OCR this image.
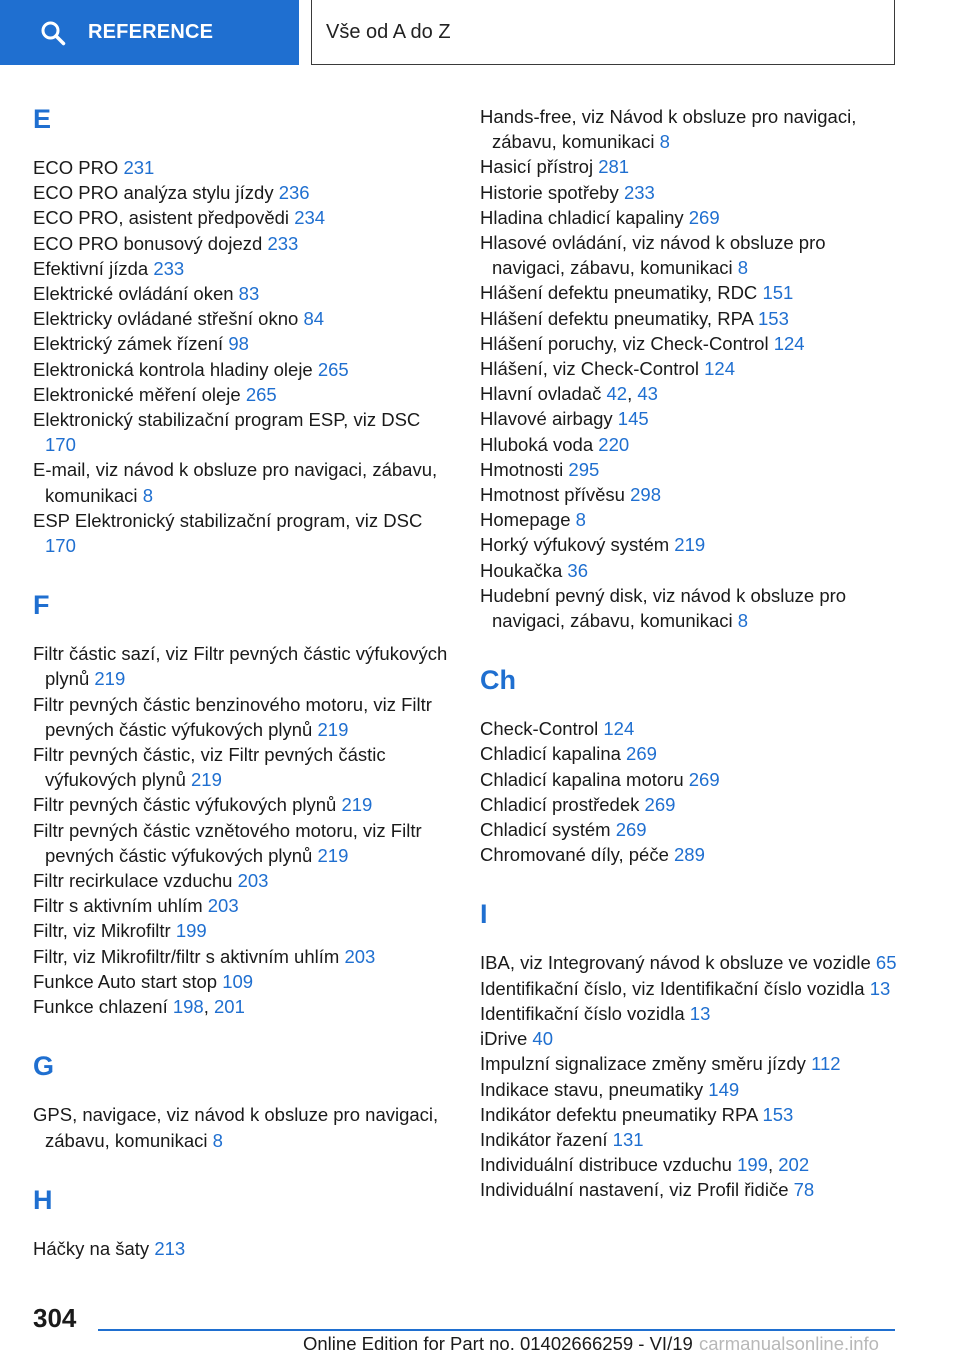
REFERENCE	Vše od A do Z
E
ECO PRO 231
ECO PRO analýza stylu jízdy 236
ECO PRO, asistent předpovědi 234
ECO PRO bonusový dojezd 233
Efektivní jízda 233
Elektrické ovládání oken 83
Elektricky ovládané střešní okno 84
Elektrický zámek řízení 98
Elektronická kontrola hladiny oleje 265
Elektronické měření oleje 265
Elektronický stabilizační program ESP, viz DSC 170
E-mail, viz návod k obsluze pro navigaci, zábavu, komunikaci 8
ESP Elektronický stabilizační program, viz DSC 170
F
Filtr částic sazí, viz Filtr pevných částic výfukových plynů 219
Filtr pevných částic benzinového motoru, viz Filtr pevných částic výfukových plynů 219
Filtr pevných částic, viz Filtr pevných částic výfukových plynů 219
Filtr pevných částic výfukových plynů 219
Filtr pevných částic vznětového motoru, viz Filtr pevných částic výfukových plynů 219
Filtr recirkulace vzduchu 203
Filtr s aktivním uhlím 203
Filtr, viz Mikrofiltr 199
Filtr, viz Mikrofiltr/filtr s aktivním uhlím 203
Funkce Auto start stop 109
Funkce chlazení 198, 201
G
GPS, navigace, viz návod k obsluze pro navigaci, zábavu, komunikaci 8
H
Háčky na šaty 213
Hands-free, viz Návod k obsluze pro navigaci, zábavu, komunikaci 8
Hasicí přístroj 281
Historie spotřeby 233
Hladina chladicí kapaliny 269
Hlasové ovládání, viz návod k obsluze pro navigaci, zábavu, komunikaci 8
Hlášení defektu pneumatiky, RDC 151
Hlášení defektu pneumatiky, RPA 153
Hlášení poruchy, viz Check-Control 124
Hlášení, viz Check-Control 124
Hlavní ovladač 42, 43
Hlavové airbagy 145
Hluboká voda 220
Hmotnosti 295
Hmotnost přívěsu 298
Homepage 8
Horký výfukový systém 219
Houkačka 36
Hudební pevný disk, viz návod k obsluze pro navigaci, zábavu, komunikaci 8
Ch
Check-Control 124
Chladicí kapalina 269
Chladicí kapalina motoru 269
Chladicí prostředek 269
Chladicí systém 269
Chromované díly, péče 289
I
IBA, viz Integrovaný návod k obsluze ve vozidle 65
Identifikační číslo, viz Identifikační číslo vozidla 13
Identifikační číslo vozidla 13
iDrive 40
Impulzní signalizace změny směru jízdy 112
Indikace stavu, pneumatiky 149
Indikátor defektu pneumatiky RPA 153
Indikátor řazení 131
Individuální distribuce vzduchu 199, 202
Individuální nastavení, viz Profil řidiče 78
304
Online Edition for Part no. 01402666259 - VI/19 carmanualsonline.info
